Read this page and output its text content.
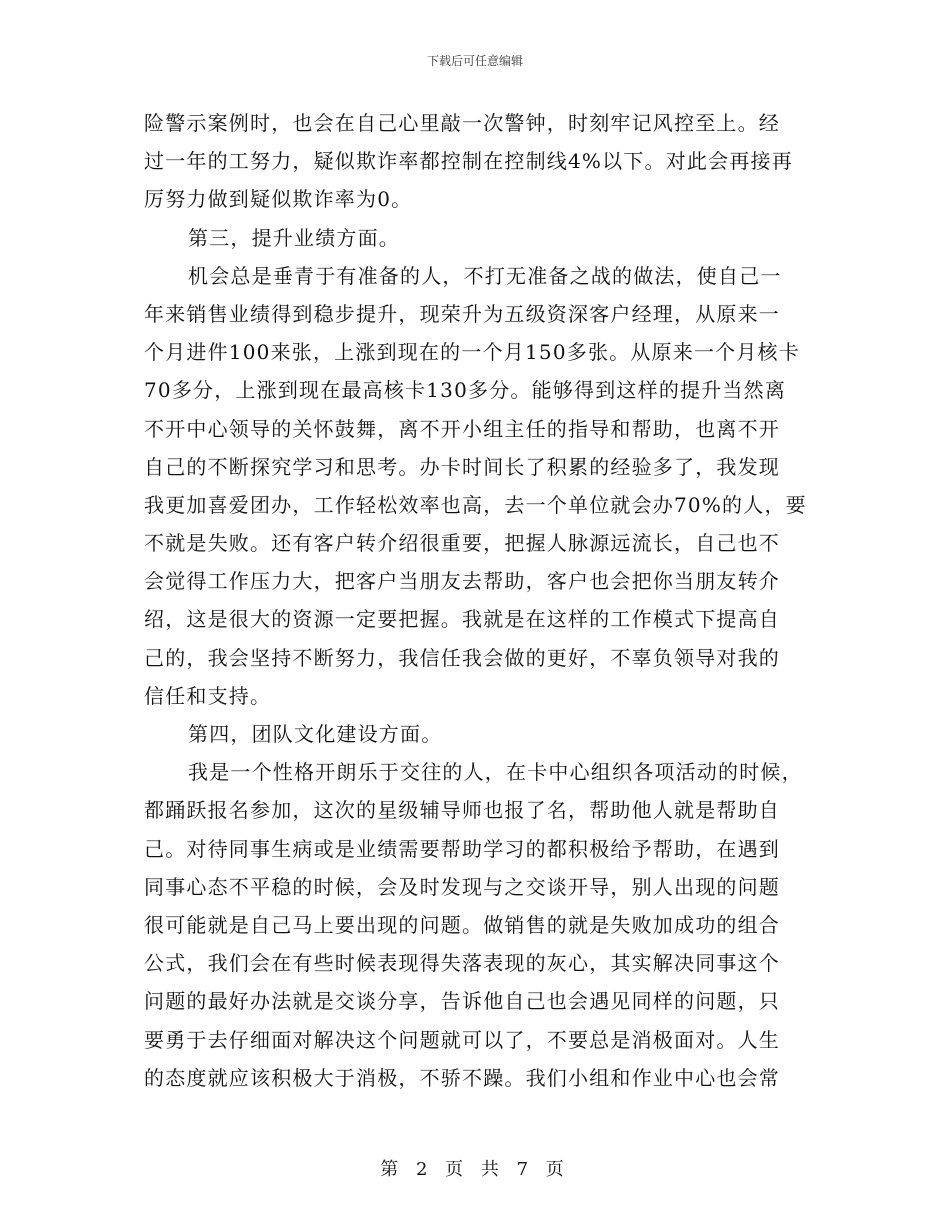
下载后可任意编辑
险警示案例时，也会在自己心里敲一次警钟，时刻牢记风控至上。经
过一年的工努力，疑似欺诈率都控制在控制线4%以下。对此会再接再
厉努力做到疑似欺诈率为0。
第三，提升业绩方面。
机会总是垂青于有准备的人，不打无准备之战的做法，使自己一
年来销售业绩得到稳步提升，现荣升为五级资深客户经理，从原来一
个月进件100来张，上涨到现在的一个月150多张。从原来一个月核卡
70多分，上涨到现在最高核卡130多分。能够得到这样的提升当然离
不开中心领导的关怀鼓舞，离不开小组主任的指导和帮助，也离不开
自己的不断探究学习和思考。办卡时间长了积累的经验多了，我发现
我更加喜爱团办，工作轻松效率也高，去一个单位就会办70%的人，要
不就是失败。还有客户转介绍很重要，把握人脉源远流长，自己也不
会觉得工作压力大，把客户当朋友去帮助，客户也会把你当朋友转介
绍，这是很大的资源一定要把握。我就是在这样的工作模式下提高自
己的，我会坚持不断努力，我信任我会做的更好，不辜负领导对我的
信任和支持。
第四，团队文化建设方面。
我是一个性格开朗乐于交往的人，在卡中心组织各项活动的时候，
都踊跃报名参加，这次的星级辅导师也报了名，帮助他人就是帮助自
己。对待同事生病或是业绩需要帮助学习的都积极给予帮助，在遇到
同事心态不平稳的时候，会及时发现与之交谈开导，别人出现的问题
很可能就是自己马上要出现的问题。做销售的就是失败加成功的组合
公式，我们会在有些时候表现得失落表现的灰心，其实解决同事这个
问题的最好办法就是交谈分享，告诉他自己也会遇见同样的问题，只
要勇于去仔细面对解决这个问题就可以了，不要总是消极面对。人生
的态度就应该积极大于消极，不骄不躁。我们小组和作业中心也会常
第 2 页 共 7 页
